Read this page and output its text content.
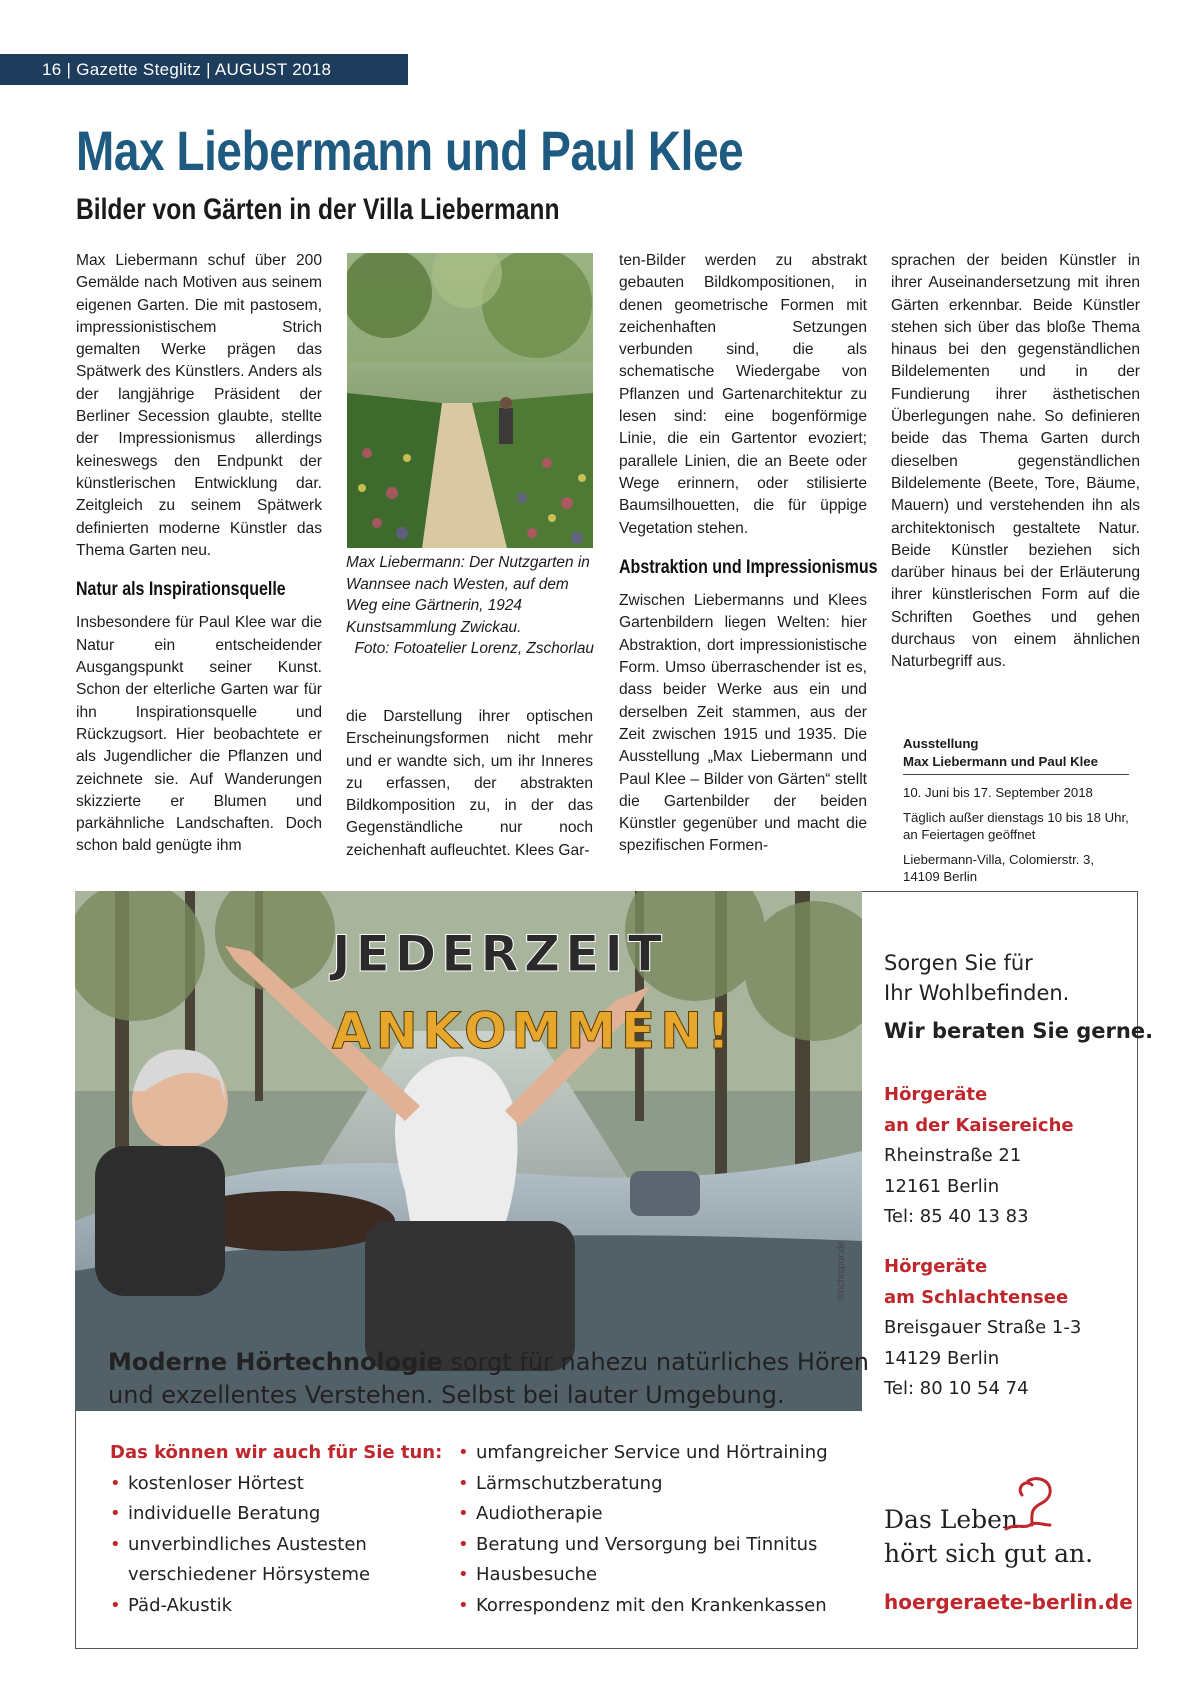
16 | Gazette Steglitz | AUGUST 2018
Max Liebermann und Paul Klee
Bilder von Gärten in der Villa Liebermann

Max Liebermann schuf über 200 Gemälde nach Motiven aus seinem eigenen Garten. Die mit pastosem, impressionistischem Strich gemalten Werke prägen das Spätwerk des Künstlers. Anders als der langjährige Präsident der Berliner Secession glaubte, stellte der Impressionismus allerdings keineswegs den Endpunkt der künstlerischen Entwicklung dar. Zeitgleich zu seinem Spätwerk definierten moderne Künstler das Thema Garten neu.

Natur als Inspirationsquelle

Insbesondere für Paul Klee war die Natur ein entscheidender Ausgangspunkt seiner Kunst. Schon der elterliche Garten war für ihn Inspirationsquelle und Rückzugsort. Hier beobachtete er als Jugendlicher die Pflanzen und zeichnete sie. Auf Wanderungen skizzierte er Blumen und parkähnliche Landschaften. Doch schon bald genügte ihm

Max Liebermann: Der Nutzgarten in Wannsee nach Westen, auf dem Weg eine Gärtnerin, 1924 Kunstsammlung Zwickau.
Foto: Fotoatelier Lorenz, Zschorlau

die Darstellung ihrer optischen Erscheinungsformen nicht mehr und er wandte sich, um ihr Inneres zu erfassen, der abstrakten Bildkomposition zu, in der das Gegenständliche nur noch zeichenhaft aufleuchtet. Klees Gar-

ten-Bilder werden zu abstrakt gebauten Bildkompositionen, in denen geometrische Formen mit zeichenhaften Setzungen verbunden sind, die als schematische Wiedergabe von Pflanzen und Gartenarchitektur zu lesen sind: eine bogenförmige Linie, die ein Gartentor evoziert; parallele Linien, die an Beete oder Wege erinnern, oder stilisierte Baumsilhouetten, die für üppige Vegetation stehen.

Abstraktion und Impressionismus

Zwischen Liebermanns und Klees Gartenbildern liegen Welten: hier Abstraktion, dort impressionistische Form. Umso überraschender ist es, dass beider Werke aus ein und derselben Zeit stammen, aus der Zeit zwischen 1915 und 1935. Die Ausstellung „Max Liebermann und Paul Klee – Bilder von Gärten“ stellt die Gartenbilder der beiden Künstler gegenüber und macht die spezifischen Formen-

sprachen der beiden Künstler in ihrer Auseinandersetzung mit ihren Gärten erkennbar. Beide Künstler stehen sich über das bloße Thema hinaus bei den gegenständlichen Bildelementen und in der Fundierung ihrer ästhetischen Überlegungen nahe. So definieren beide das Thema Garten durch dieselben gegenständlichen Bildelemente (Beete, Tore, Bäume, Mauern) und verstehenden ihn als architektonisch gestaltete Natur. Beide Künstler beziehen sich darüber hinaus bei der Erläuterung ihrer künstlerischen Form auf die Schriften Goethes und gehen durchaus von einem ähnlichen Naturbegriff aus.

Ausstellung
Max Liebermann und Paul Klee
10. Juni bis 17. September 2018
Täglich außer dienstags 10 bis 18 Uhr, an Feiertagen geöffnet
Liebermann-Villa, Colomierstr. 3, 14109 Berlin
©richtspur.de
JEDERZEIT
ANKOMMEN!
Moderne Hörtechnologie sorgt für nahezu natürliches Hören
und exzellentes Verstehen. Selbst bei lauter Umgebung.
Sorgen Sie für
Ihr Wohlbefinden.
Wir beraten Sie gerne.
Hörgeräte
an der Kaisereiche
Rheinstraße 21
12161 Berlin
Tel: 85 40 13 83
Hörgeräte
am Schlachtensee
Breisgauer Straße 1-3
14129 Berlin
Tel: 80 10 54 74
Das können wir auch für Sie tun:
• kostenloser Hörtest
• individuelle Beratung
• unverbindliches Austesten
verschiedener Hörsysteme
• Päd-Akustik
• umfangreicher Service und Hörtraining
• Lärmschutzberatung
• Audiotherapie
• Beratung und Versorgung bei Tinnitus
• Hausbesuche
• Korrespondenz mit den Krankenkassen
Das Leben
hört sich gut an.
hoergeraete-berlin.de
